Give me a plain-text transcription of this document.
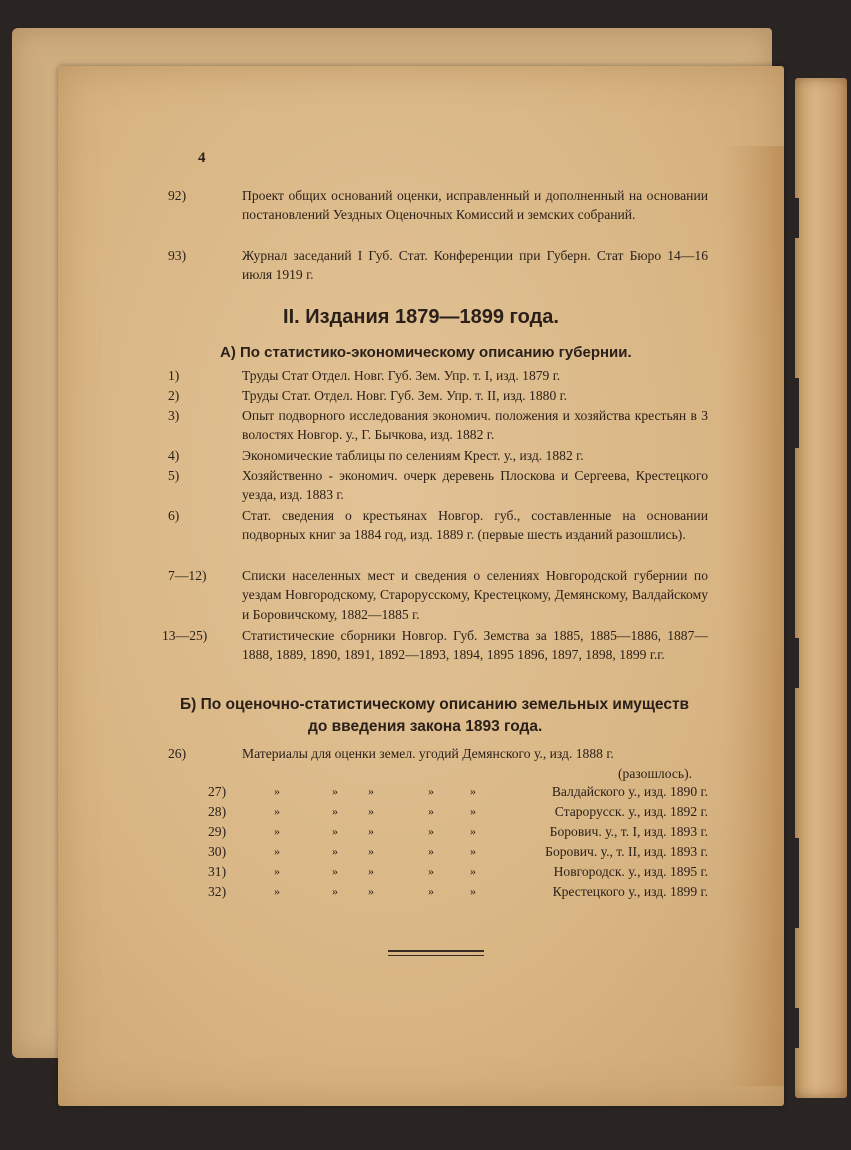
4
92)	Проект общих оснований оценки, исправленный и дополненный на основании постановлений Уездных Оценочных Комиссий и земских собраний.
93)	Журнал заседаний I Губ. Стат. Конференции при Губерн. Стат Бюро 14—16 июля 1919 г.
II. Издания 1879—1899 года.
А) По статистико-экономическому описанию губернии.
1)	Труды Стат Отдел. Новг. Губ. Зем. Упр. т. I, изд. 1879 г.
2)	Труды Стат. Отдел. Новг. Губ. Зем. Упр. т. II, изд. 1880 г.
3)	Опыт подворного исследования экономич. положения и хозяйства крестьян в 3 волостях Новгор. у., Г. Бычкова, изд. 1882 г.
4)	Экономические таблицы по селениям Крест. у., изд. 1882 г.
5)	Хозяйственно - экономич. очерк деревень Плоскова и Сергеева, Крестецкого уезда, изд. 1883 г.
6)	Стат. сведения о крестьянах Новгор. губ., составленные на основании подворных книг за 1884 год, изд. 1889 г. (первые шесть изданий разошлись).
7—12)	Списки населенных мест и сведения о селениях Новгородской губернии по уездам Новгородскому, Старорусскому, Крестецкому, Демянскому, Валдайскому и Боровичскому, 1882—1885 г.
13—25)	Статистические сборники Новгор. Губ. Земства за 1885, 1885—1886, 1887—1888, 1889, 1890, 1891, 1892—1893, 1894, 1895 1896, 1897, 1898, 1899 г.г.
Б) По оценочно-статистическому описанию земельных имуществ
до введения закона 1893 года.
26)	Материалы для оценки земел. угодий Демянского у., изд. 1888 г.
(разошлось).
27)	»	»	»	»	»	Валдайского у., изд. 1890 г.
28)	»	»	»	»	»	Старорусск. у., изд. 1892 г.
29)	»	»	»	»	»	Борович. у., т. I, изд. 1893 г.
30)	»	»	»	»	»	Борович. у., т. II, изд. 1893 г.
31)	»	»	»	»	»	Новгородск. у., изд. 1895 г.
32)	»	»	»	»	»	Крестецкого у., изд. 1899 г.
